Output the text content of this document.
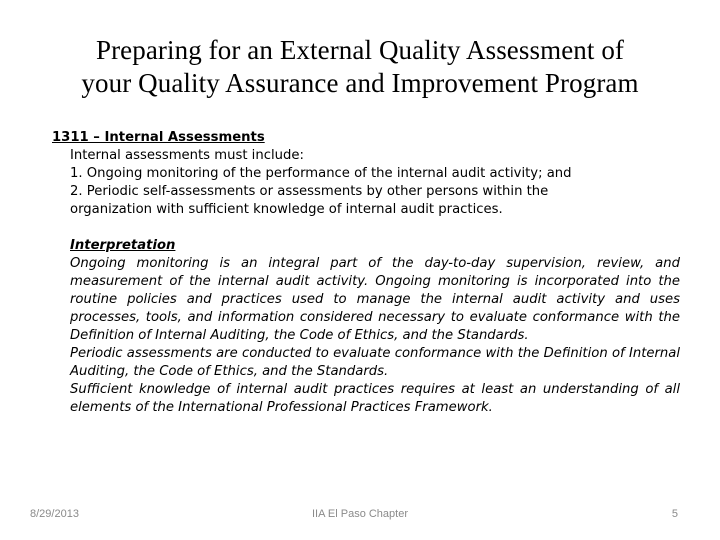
Preparing for an External Quality Assessment of
your Quality Assurance and Improvement Program
1311 – Internal Assessments
Internal assessments must include:
1. Ongoing monitoring of the performance of the internal audit activity; and
2. Periodic self-assessments or assessments by other persons within the
organization with sufficient knowledge of internal audit practices.
Interpretation

Ongoing monitoring is an integral part of the day-to-day supervision, review, and measurement of the internal audit activity. Ongoing monitoring is incorporated into the routine policies and practices used to manage the internal audit activity and uses processes, tools, and information considered necessary to evaluate conformance with the Definition of Internal Auditing, the Code of Ethics, and the Standards.

Periodic assessments are conducted to evaluate conformance with the Definition of Internal Auditing, the Code of Ethics, and the Standards.

Sufficient knowledge of internal audit practices requires at least an understanding of all elements of the International Professional Practices Framework.

8/29/2013	IIA El Paso Chapter	5
